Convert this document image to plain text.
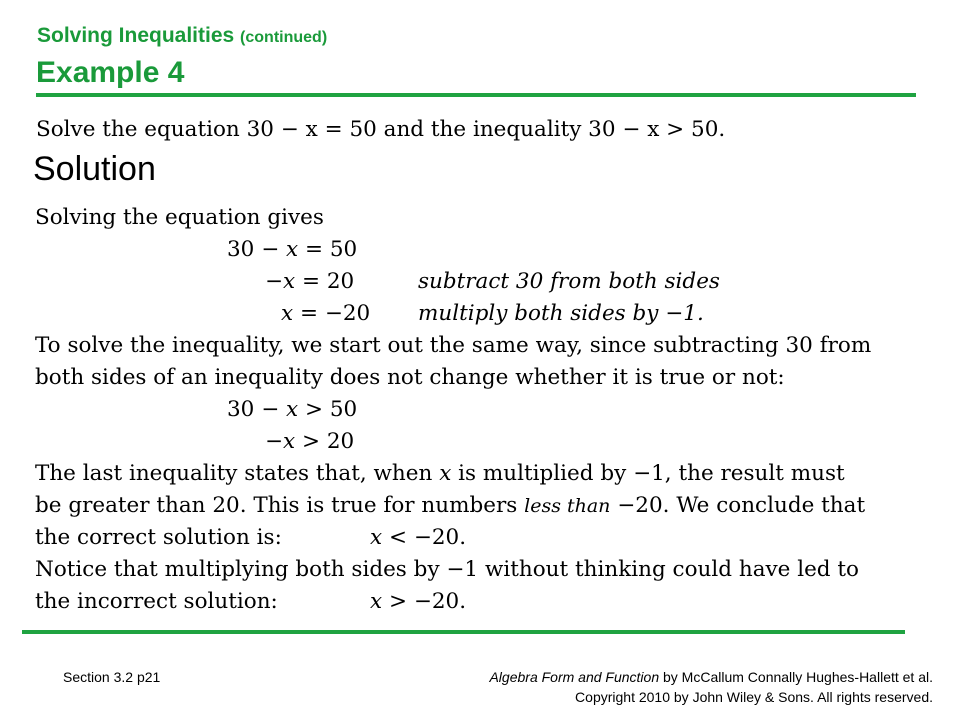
Solving Inequalities (continued)
Example 4
Solve the equation 30 − x = 50 and the inequality 30 − x > 50.
Solution
Solving the equation gives
30 − x = 50
−x = 20	subtract 30 from both sides
x = −20 multiply both sides by −1.
To solve the inequality, we start out the same way, since subtracting 30 from
both sides of an inequality does not change whether it is true or not:
30 − x > 50
−x > 20
The last inequality states that, when x is multiplied by −1, the result must
be greater than 20. This is true for numbers less than −20. We conclude that
the correct solution is:	x < −20.
Notice that multiplying both sides by −1 without thinking could have led to
the incorrect solution:	x > −20.
Section 3.2 p21	Algebra Form and Function by McCallum Connally Hughes-Hallett et al.
Copyright 2010 by John Wiley & Sons. All rights reserved.
